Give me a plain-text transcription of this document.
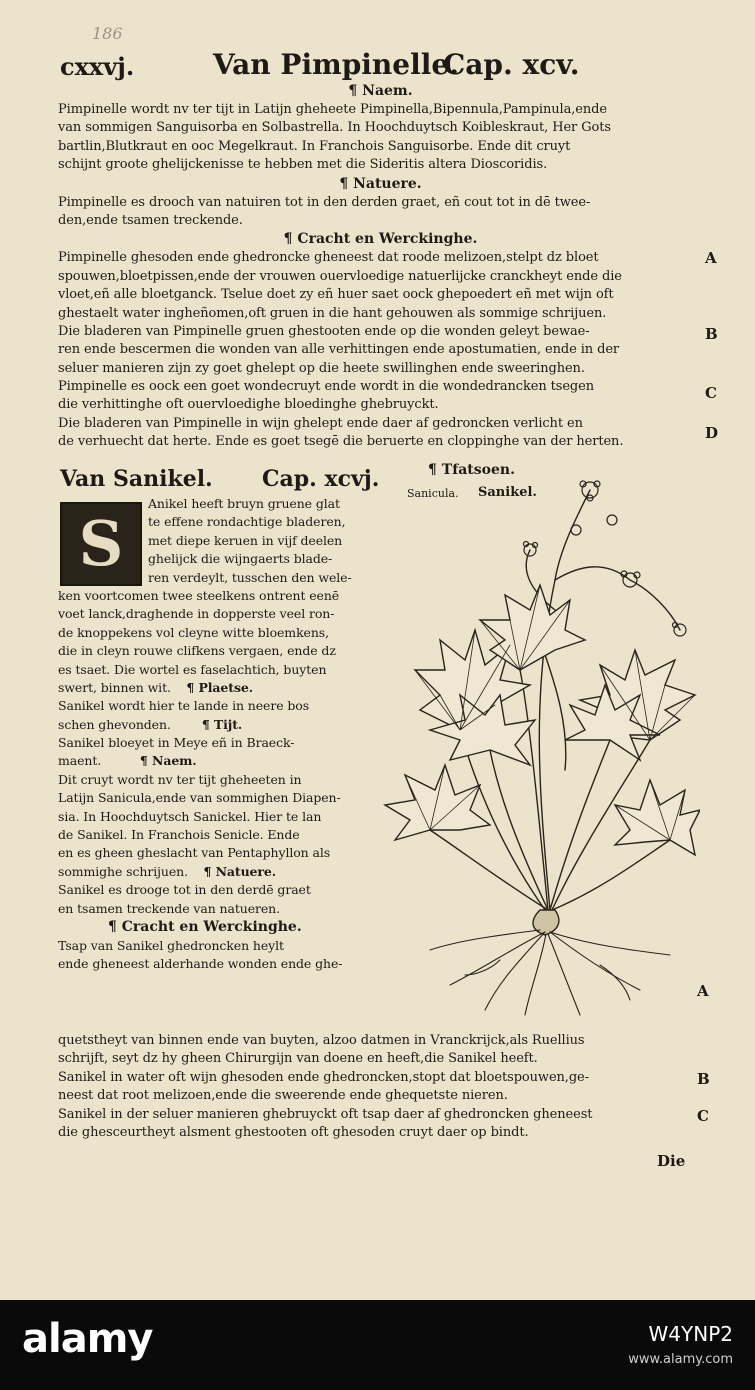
186
cxxvj.	Van Pimpinelle.
Cap. xcv.
¶ Naem.
Pimpinelle wordt nv ter tijt in Latijn gheheete Pimpinella,Bipennula,Pampinula,ende
van sommigen Sanguisorba en Solbastrella. In Hoochduytsch Koibleskraut, Her Gots
bartlin,Blutkraut en ooc Megelkraut. In Franchois Sanguisorbe. Ende dit cruyt
schijnt groote ghelijckenisse te hebben met die Sideritis altera Dioscoridis.
¶ Natuere.
Pimpinelle es drooch van natuiren tot in den derden graet, eñ cout tot in dē twee-
den,ende tsamen treckende.
¶ Cracht en Werckinghe.
Pimpinelle ghesoden ende ghedroncke gheneest dat roode melizoen,stelpt dz bloet
spouwen,bloetpissen,ende der vrouwen ouervloedige natuerlijcke cranckheyt ende die
vloet,eñ alle bloetganck. Tselue doet zy eñ huer saet oock ghepoedert eñ met wijn oft
ghestaelt water ingheñomen,oft gruen in die hant gehouwen als sommige schrijuen.
Die bladeren van Pimpinelle gruen ghestooten ende op die wonden geleyt bewae-
ren ende bescermen die wonden van alle verhittingen ende apostumatien, ende in der
seluer manieren zijn zy goet ghelept op die heete swillinghen ende sweeringhen.
Pimpinelle es oock een goet wondecruyt ende wordt in die wondedrancken tsegen
die verhittinghe oft ouervloedighe bloedinghe ghebruyckt.
Die bladeren van Pimpinelle in wijn ghelept ende daer af gedroncken verlicht en
de verhuecht dat herte. Ende es goet tsegē die beruerte en cloppinghe van der herten.
A
B
C
D
Van Sanikel. Cap. xcvj.	¶ Tfatsoen.
Sanicula. Sanikel.
S
Anikel heeft bruyn gruene glat
te effene rondachtige bladeren,
met diepe keruen in vijf deelen
ghelijck die wijngaerts blade-
ren verdeylt, tusschen den wele-
ken voortcomen twee steelkens ontrent eenē
voet lanck,draghende in dopperste veel ron-
de knoppekens vol cleyne witte bloemkens,
die in cleyn rouwe clifkens vergaen, ende dz
es tsaet. Die wortel es faselachtich, buyten
swert, binnen wit. ¶ Plaetse.
Sanikel wordt hier te lande in neere bos
schen ghevonden. ¶ Tijt.
Sanikel bloeyet in Meye eñ in Braeck-
maent.	¶ Naem.
Dit cruyt wordt nv ter tijt gheheeten in
Latijn Sanicula,ende van sommighen Diapen-
sia. In Hoochduytsch Sanickel. Hier te lan
de Sanikel. In Franchois Senicle. Ende
en es gheen gheslacht van Pentaphyllon als
sommighe schrijuen. ¶ Natuere.
Sanikel es drooge tot in den derdē graet
en tsamen treckende van natueren.
¶ Cracht en Werckinghe.
Tsap van Sanikel ghedroncken heylt
ende gheneest alderhande wonden ende ghe-
A
quetstheyt van binnen ende van buyten, alzoo datmen in Vranckrijck,als Ruellius
schrijft, seyt dz hy gheen Chirurgijn van doene en heeft,die Sanikel heeft.
Sanikel in water oft wijn ghesoden ende ghedroncken,stopt dat bloetspouwen,ge-
neest dat root melizoen,ende die sweerende ende ghequetste nieren.
Sanikel in der seluer manieren ghebruyckt oft tsap daer af ghedroncken gheneest
die ghesceurtheyt alsment ghestooten oft ghesoden cruyt daer op bindt.
B
C
Die
alamy	W4YNP2
www.alamy.com
